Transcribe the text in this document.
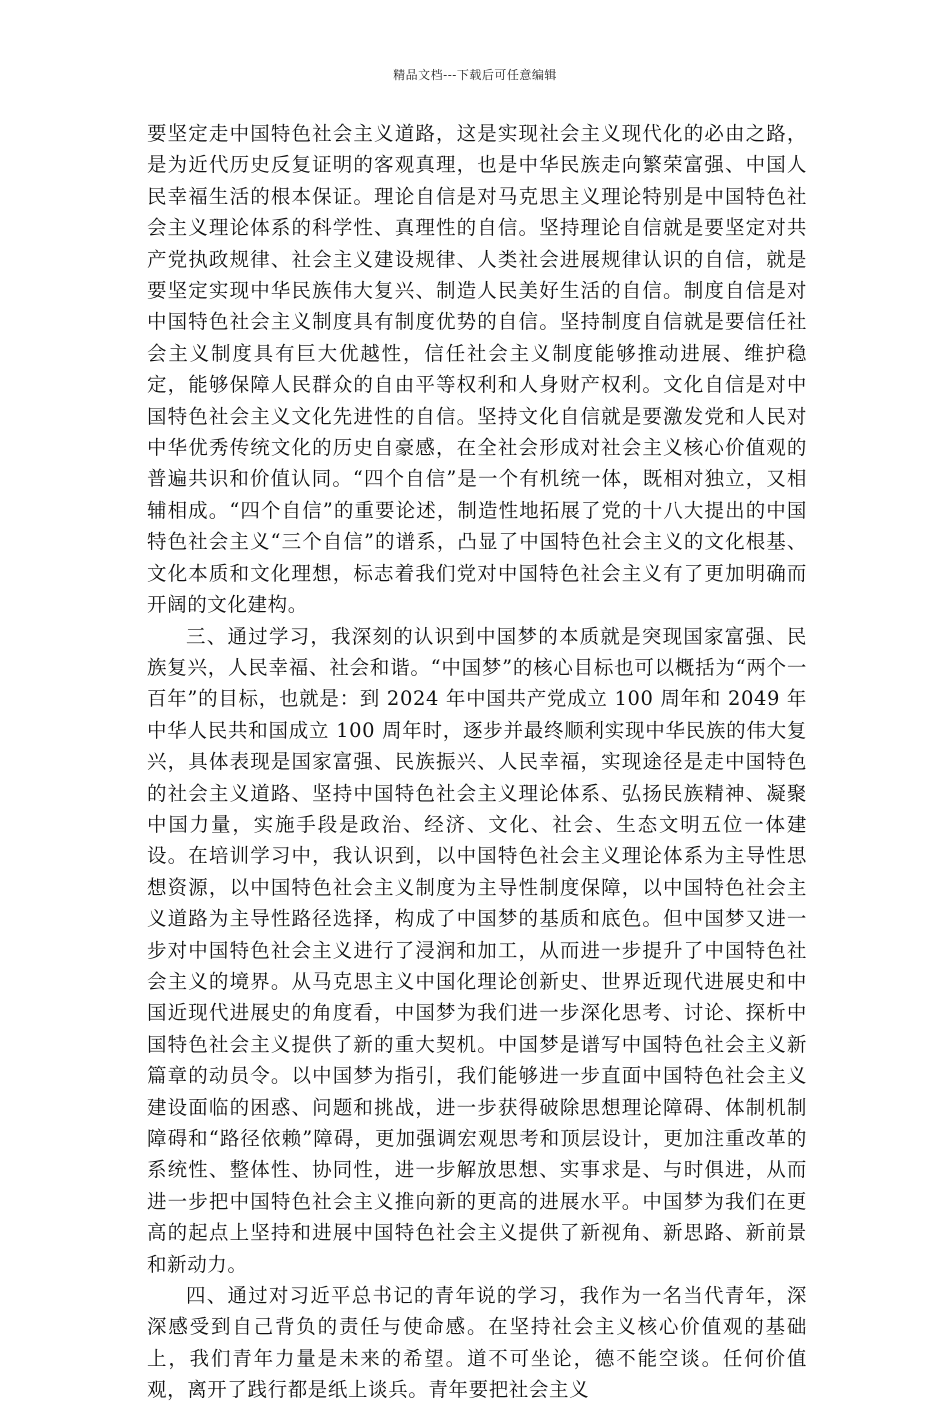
精品文档---下载后可任意编辑

要坚定走中国特色社会主义道路，这是实现社会主义现代化的必由之路，是为近代历史反复证明的客观真理，也是中华民族走向繁荣富强、中国人民幸福生活的根本保证。理论自信是对马克思主义理论特别是中国特色社会主义理论体系的科学性、真理性的自信。坚持理论自信就是要坚定对共产党执政规律、社会主义建设规律、人类社会进展规律认识的自信，就是要坚定实现中华民族伟大复兴、制造人民美好生活的自信。制度自信是对中国特色社会主义制度具有制度优势的自信。坚持制度自信就是要信任社会主义制度具有巨大优越性，信任社会主义制度能够推动进展、维护稳定，能够保障人民群众的自由平等权利和人身财产权利。文化自信是对中国特色社会主义文化先进性的自信。坚持文化自信就是要激发党和人民对中华优秀传统文化的历史自豪感，在全社会形成对社会主义核心价值观的普遍共识和价值认同。“四个自信”是一个有机统一体，既相对独立，又相辅相成。“四个自信”的重要论述，制造性地拓展了党的十八大提出的中国特色社会主义“三个自信”的谱系，凸显了中国特色社会主义的文化根基、文化本质和文化理想，标志着我们党对中国特色社会主义有了更加明确而开阔的文化建构。

三、通过学习，我深刻的认识到中国梦的本质就是突现国家富强、民族复兴，人民幸福、社会和谐。“中国梦”的核心目标也可以概括为“两个一百年”的目标，也就是：到 2024 年中国共产党成立 100 周年和 2049 年中华人民共和国成立 100 周年时，逐步并最终顺利实现中华民族的伟大复兴，具体表现是国家富强、民族振兴、人民幸福，实现途径是走中国特色的社会主义道路、坚持中国特色社会主义理论体系、弘扬民族精神、凝聚中国力量，实施手段是政治、经济、文化、社会、生态文明五位一体建设。在培训学习中，我认识到，以中国特色社会主义理论体系为主导性思想资源，以中国特色社会主义制度为主导性制度保障，以中国特色社会主义道路为主导性路径选择，构成了中国梦的基质和底色。但中国梦又进一步对中国特色社会主义进行了浸润和加工，从而进一步提升了中国特色社会主义的境界。从马克思主义中国化理论创新史、世界近现代进展史和中国近现代进展史的角度看，中国梦为我们进一步深化思考、讨论、探析中国特色社会主义提供了新的重大契机。中国梦是谱写中国特色社会主义新篇章的动员令。以中国梦为指引，我们能够进一步直面中国特色社会主义建设面临的困惑、问题和挑战，进一步获得破除思想理论障碍、体制机制障碍和“路径依赖”障碍，更加强调宏观思考和顶层设计，更加注重改革的系统性、整体性、协同性，进一步解放思想、实事求是、与时俱进，从而进一步把中国特色社会主义推向新的更高的进展水平。中国梦为我们在更高的起点上坚持和进展中国特色社会主义提供了新视角、新思路、新前景和新动力。

四、通过对习近平总书记的青年说的学习，我作为一名当代青年，深深感受到自己背负的责任与使命感。在坚持社会主义核心价值观的基础上，我们青年力量是未来的希望。道不可坐论，德不能空谈。任何价值观，离开了践行都是纸上谈兵。青年要把社会主义
